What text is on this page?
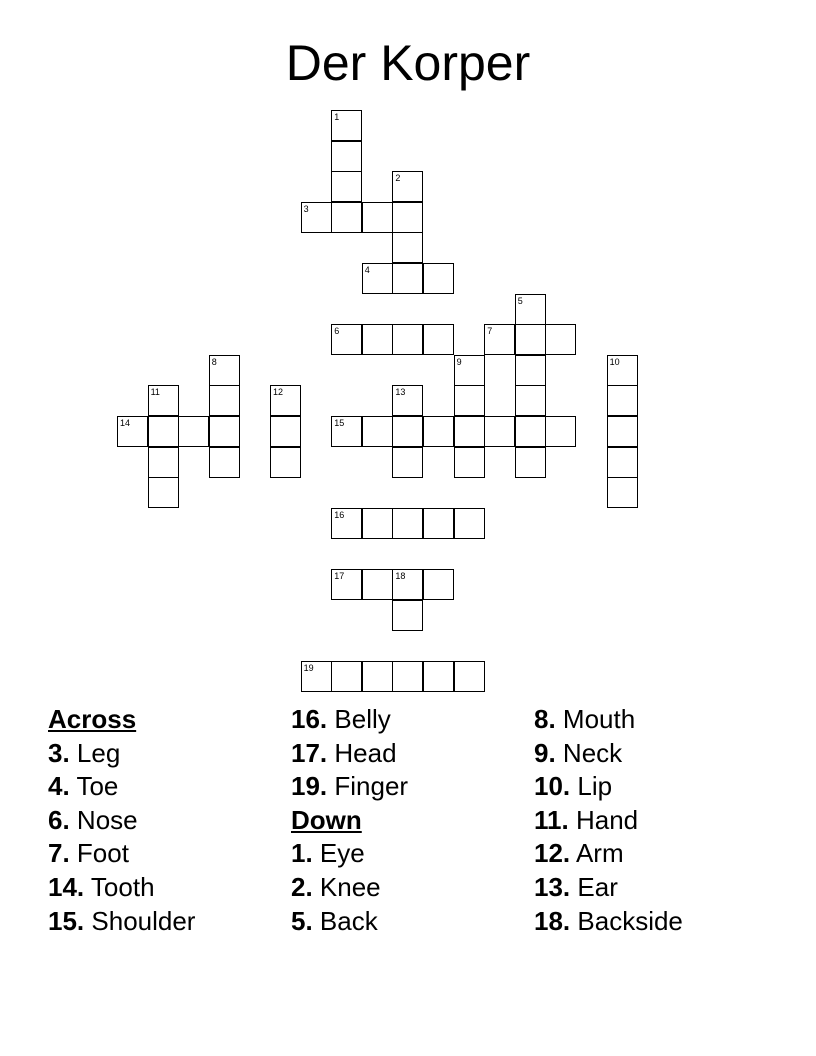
Der Korper
1
2
3
4
5
6	7
8	9	10
11	12	13
14	15
16
17	18
19
Across
3. Leg
4. Toe
6. Nose
7. Foot
14. Tooth
15. Shoulder
16. Belly
17. Head
19. Finger
Down
1. Eye
2. Knee
5. Back
8. Mouth
9. Neck
10. Lip
11. Hand
12. Arm
13. Ear
18. Backside
